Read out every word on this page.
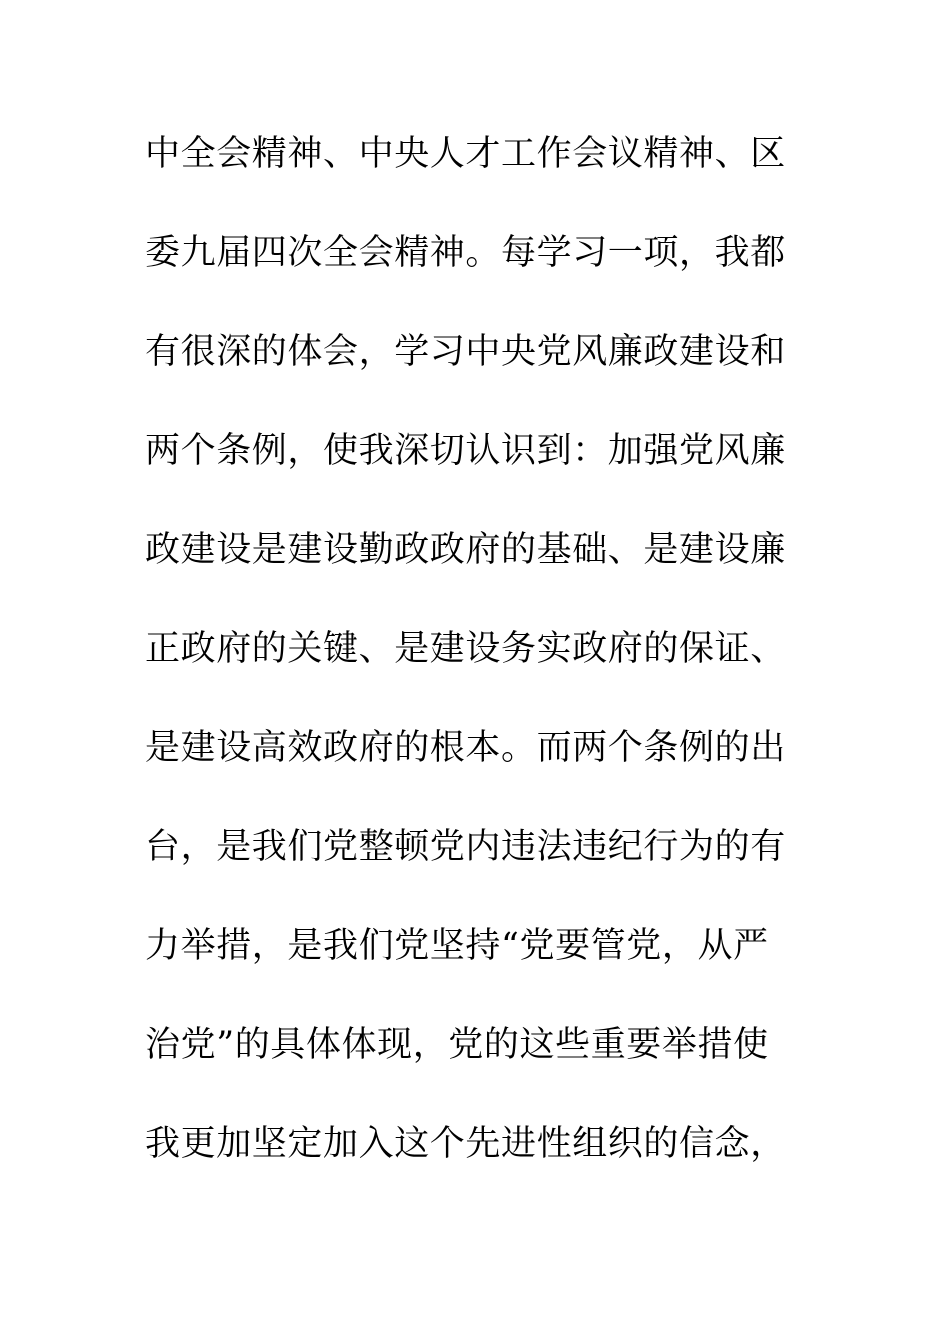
中全会精神、中央人才工作会议精神、区
委九届四次全会精神。每学习一项，我都
有很深的体会，学习中央党风廉政建设和
两个条例，使我深切认识到：加强党风廉
政建设是建设勤政政府的基础、是建设廉
正政府的关键、是建设务实政府的保证、
是建设高效政府的根本。而两个条例的出
台，是我们党整顿党内违法违纪行为的有
力举措，是我们党坚持“党要管党，从严
治党”的具体体现，党的这些重要举措使
我更加坚定加入这个先进性组织的信念，
